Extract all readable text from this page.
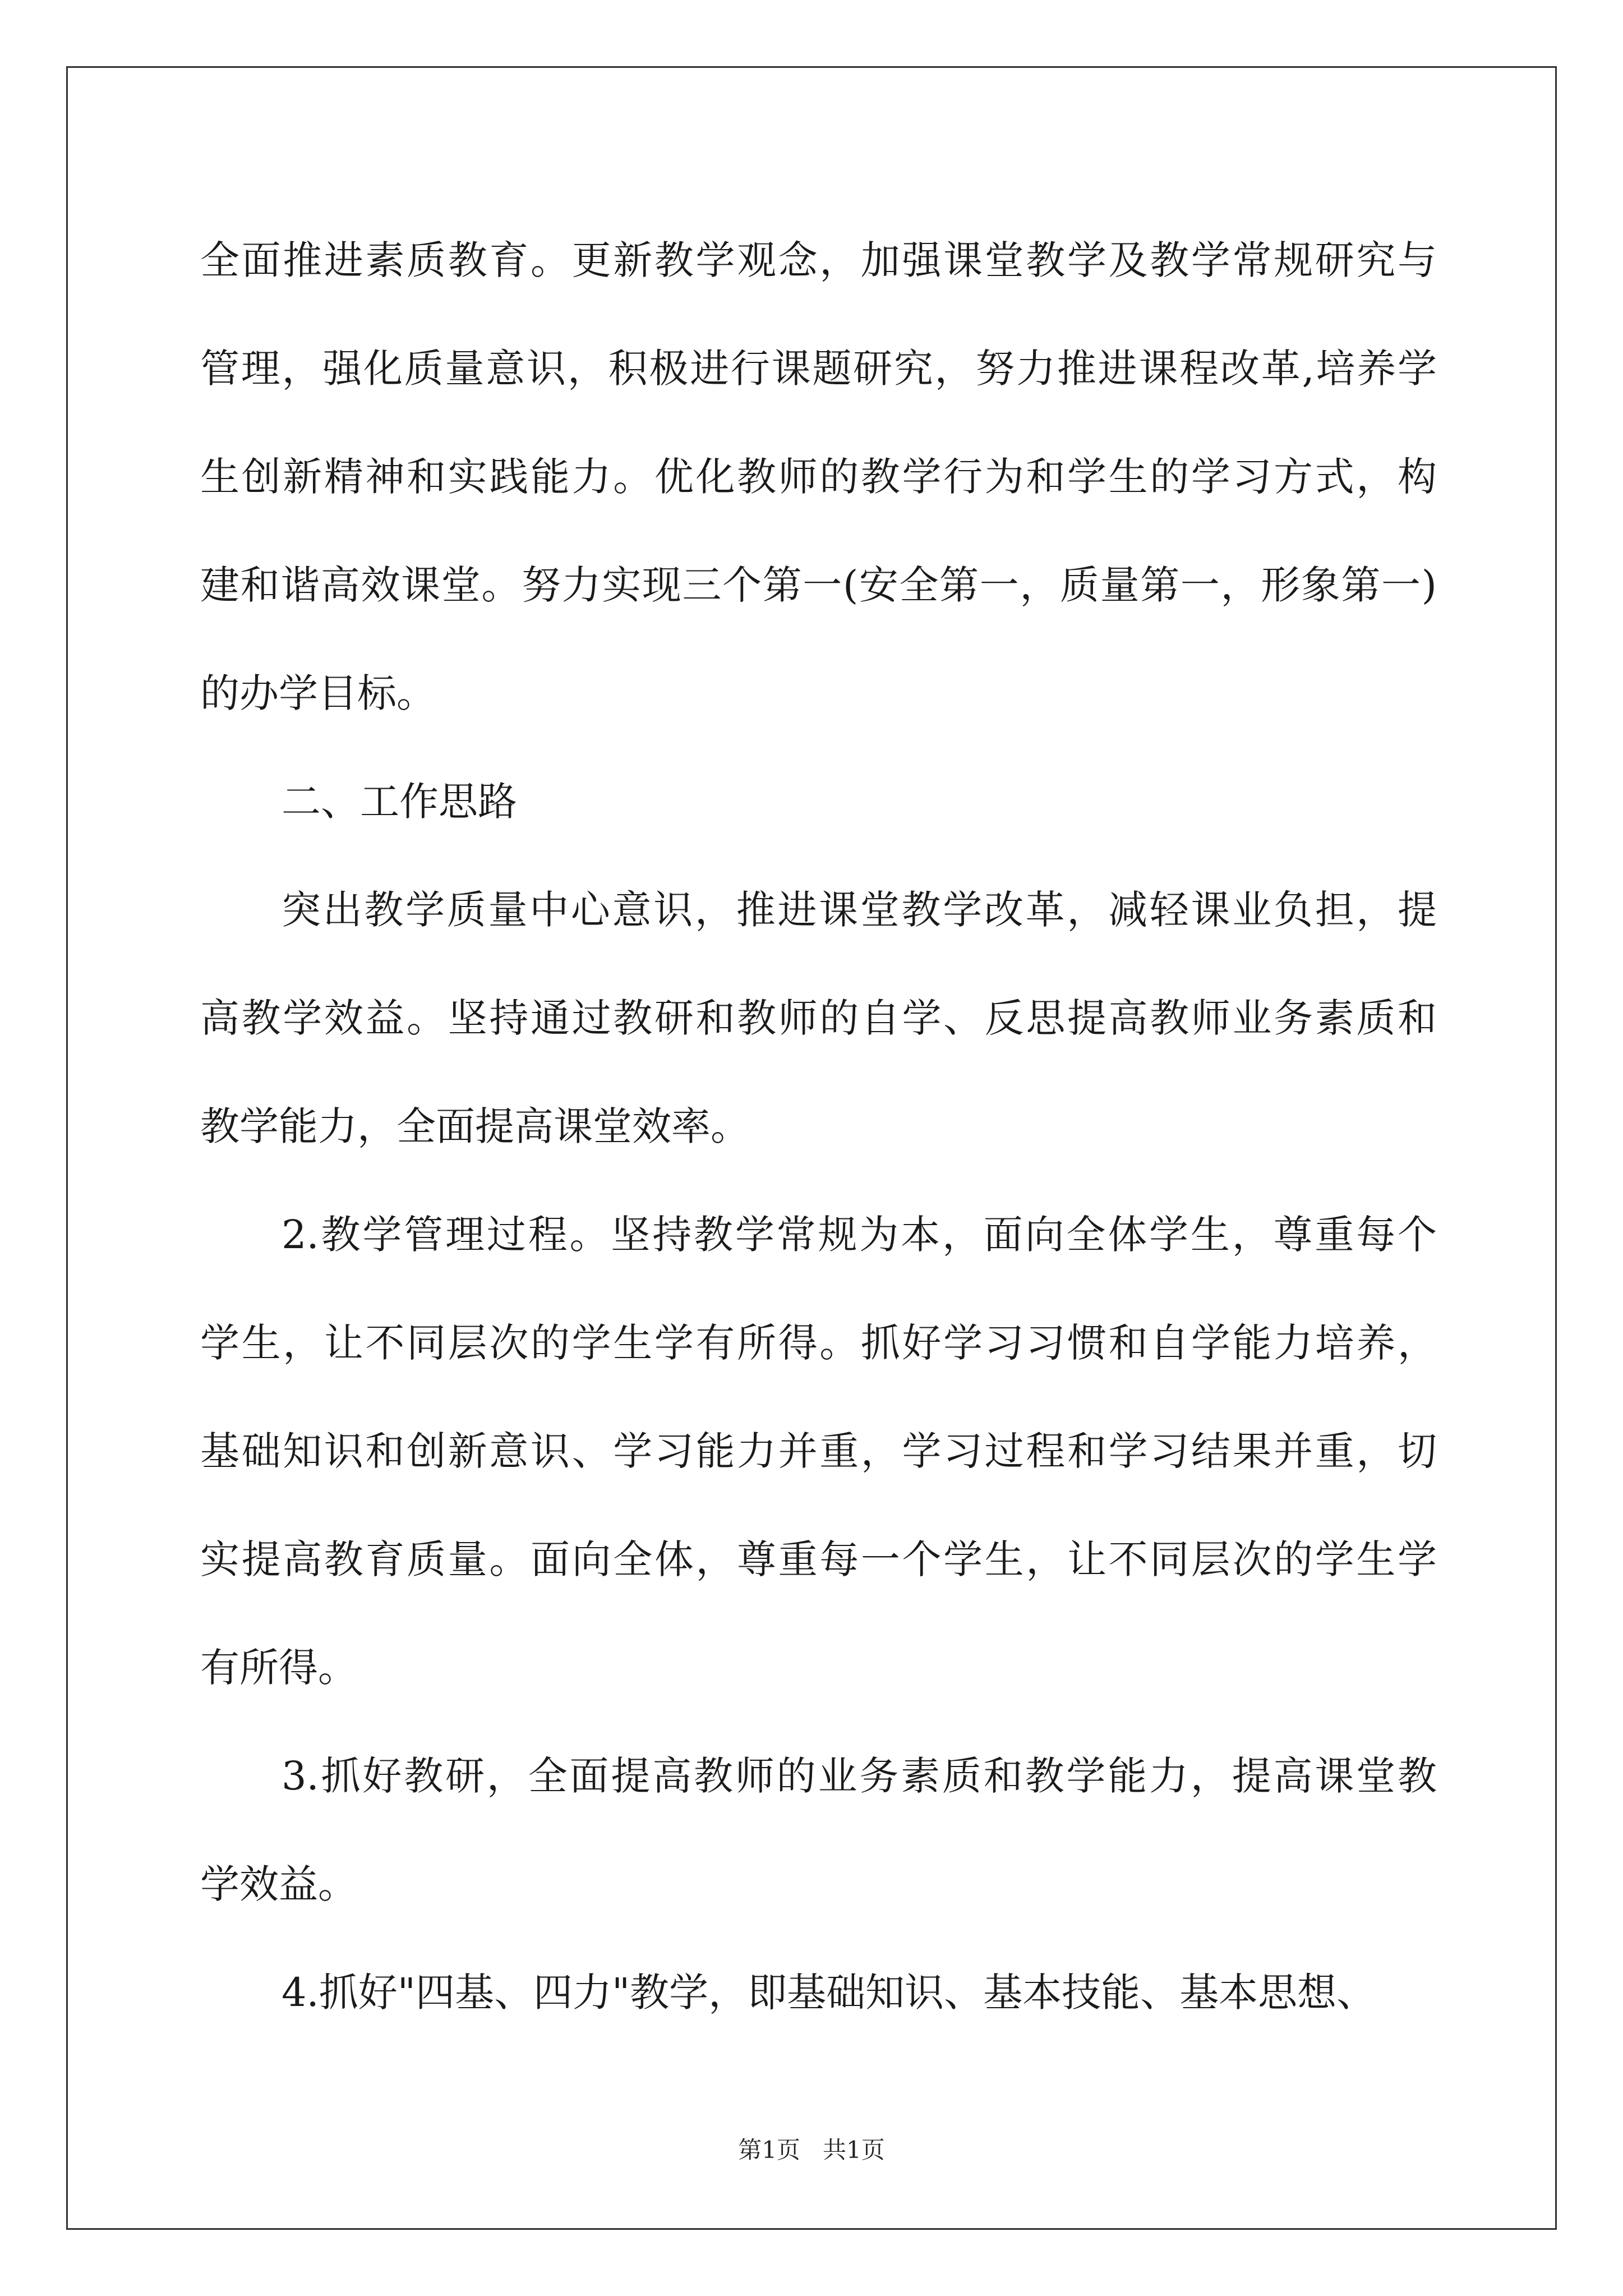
全面推进素质教育。更新教学观念，加强课堂教学及教学常规研究与
管理，强化质量意识，积极进行课题研究，努力推进课程改革,培养学
生创新精神和实践能力。优化教师的教学行为和学生的学习方式，构
建和谐高效课堂。努力实现三个第一(安全第一，质量第一，形象第一)
的办学目标。
二、工作思路
突出教学质量中心意识，推进课堂教学改革，减轻课业负担，提
高教学效益。坚持通过教研和教师的自学、反思提高教师业务素质和
教学能力，全面提高课堂效率。
2.教学管理过程。坚持教学常规为本，面向全体学生，尊重每个
学生，让不同层次的学生学有所得。抓好学习习惯和自学能力培养，
基础知识和创新意识、学习能力并重，学习过程和学习结果并重，切
实提高教育质量。面向全体，尊重每一个学生，让不同层次的学生学
有所得。
3.抓好教研，全面提高教师的业务素质和教学能力，提高课堂教
学效益。
4.抓好"四基、四力"教学，即基础知识、基本技能、基本思想、
第1页 共1页
